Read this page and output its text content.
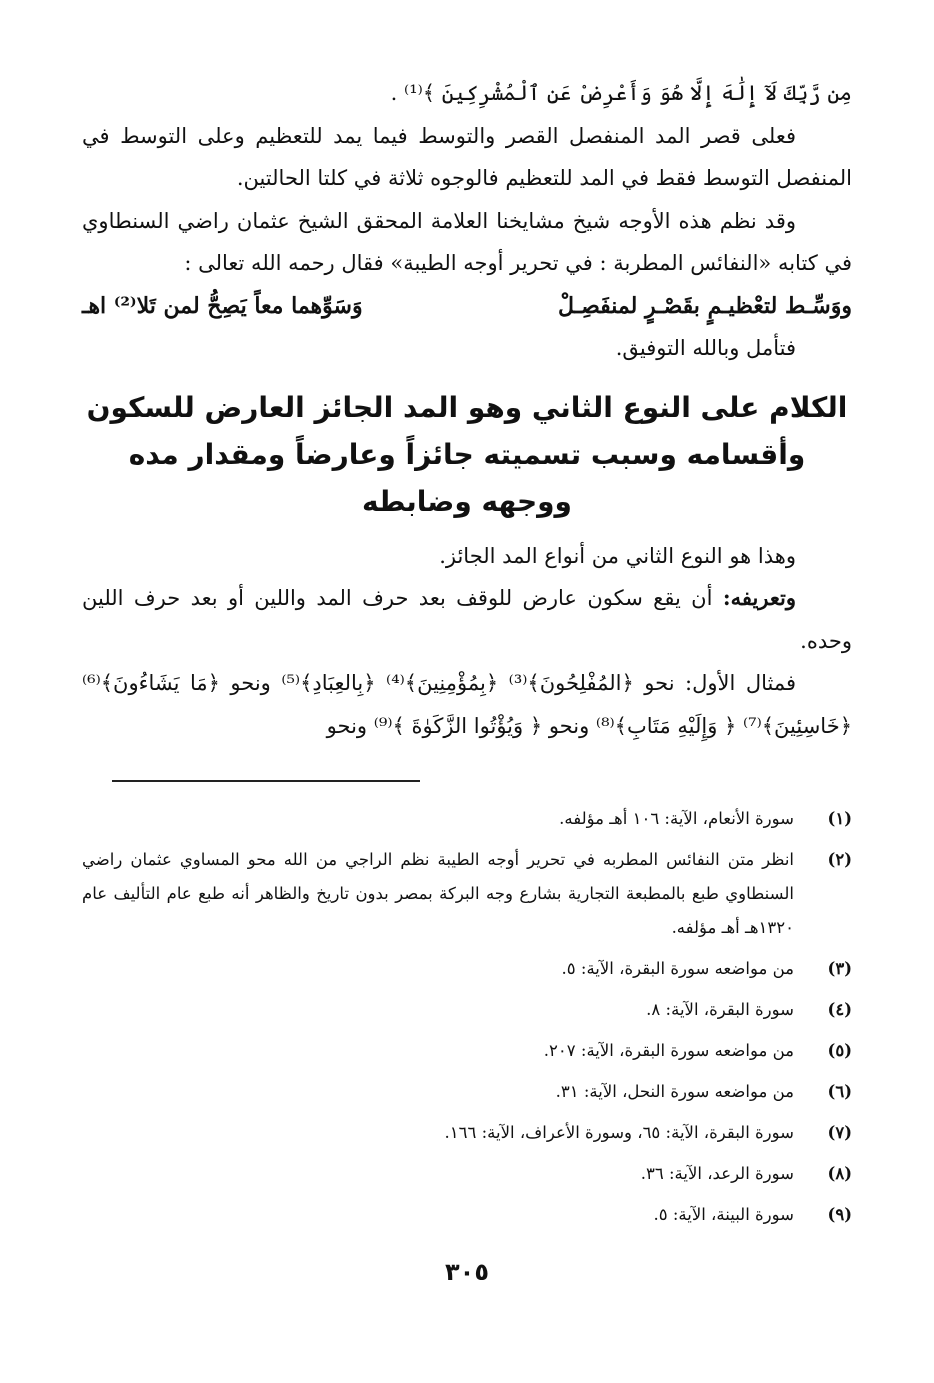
مِن رَّبِّكَ لَآ إِلَٰهَ إِلَّا هُوَ وَأَعْرِضْ عَنِ ٱلْمُشْرِكِينَ ﴾⁽¹⁾ .

فعلى قصر المد المنفصل القصر والتوسط فيما يمد للتعظيم وعلى التوسط في المنفصل التوسط فقط في المد للتعظيم فالوجوه ثلاثة في كلتا الحالتين.

وقد نظم هذه الأوجه شيخ مشايخنا العلامة المحقق الشيخ عثمان راضي السنطاوي في كتابه «النفائس المطربة : في تحرير أوجه الطيبة» فقال رحمه الله تعالى :

ووَسِّـط لتعْظيـمٍ بقَصْـرٍ لمنفَصِـلْ
وَسَوِّهما معاً يَصِحُّ لمن تَلا⁽²⁾ اهـ

فتأمل وبالله التوفيق.

الكلام على النوع الثاني وهو المد الجائز العارض للسكون وأقسامه وسبب تسميته جائزاً وعارضاً ومقدار مده ووجهه وضابطه

وهذا هو النوع الثاني من أنواع المد الجائز.

وتعريفه: أن يقع سكون عارض للوقف بعد حرف المد واللين أو بعد حرف اللين وحده.

فمثال الأول: نحو ﴿المُفْلِحُونَ﴾⁽³⁾ ﴿بِمُؤْمِنِينَ﴾⁽⁴⁾ ﴿بِالعِبَادِ﴾⁽⁵⁾ ونحو ﴿مَا يَشَاءُونَ﴾⁽⁶⁾ ﴿خَاسِئِينَ﴾⁽⁷⁾ ﴿ وَإِلَيْهِ مَتَابِ﴾⁽⁸⁾ ونحو ﴿ وَيُؤْتُوا الزَّكَوٰةَ ﴾⁽⁹⁾ ونحو

(١)
سورة الأنعام، الآية: ١٠٦ أهـ مؤلفه.
(٢)
انظر متن النفائس المطربه في تحرير أوجه الطيبة نظم الراجي من الله محو المساوي عثمان راضي السنطاوي طبع بالمطبعة التجارية بشارع وجه البركة بمصر بدون تاريخ والظاهر أنه طبع عام التأليف عام ١٣٢٠هـ أهـ مؤلفه.
(٣)
من مواضعه سورة البقرة، الآية: ٥.
(٤)
سورة البقرة، الآية: ٨.
(٥)
من مواضعه سورة البقرة، الآية: ٢٠٧.
(٦)
من مواضعه سورة النحل، الآية: ٣١.
(٧)
سورة البقرة، الآية: ٦٥، وسورة الأعراف، الآية: ١٦٦.
(٨)
سورة الرعد، الآية: ٣٦.
(٩)
سورة البينة، الآية: ٥.
٣٠٥
